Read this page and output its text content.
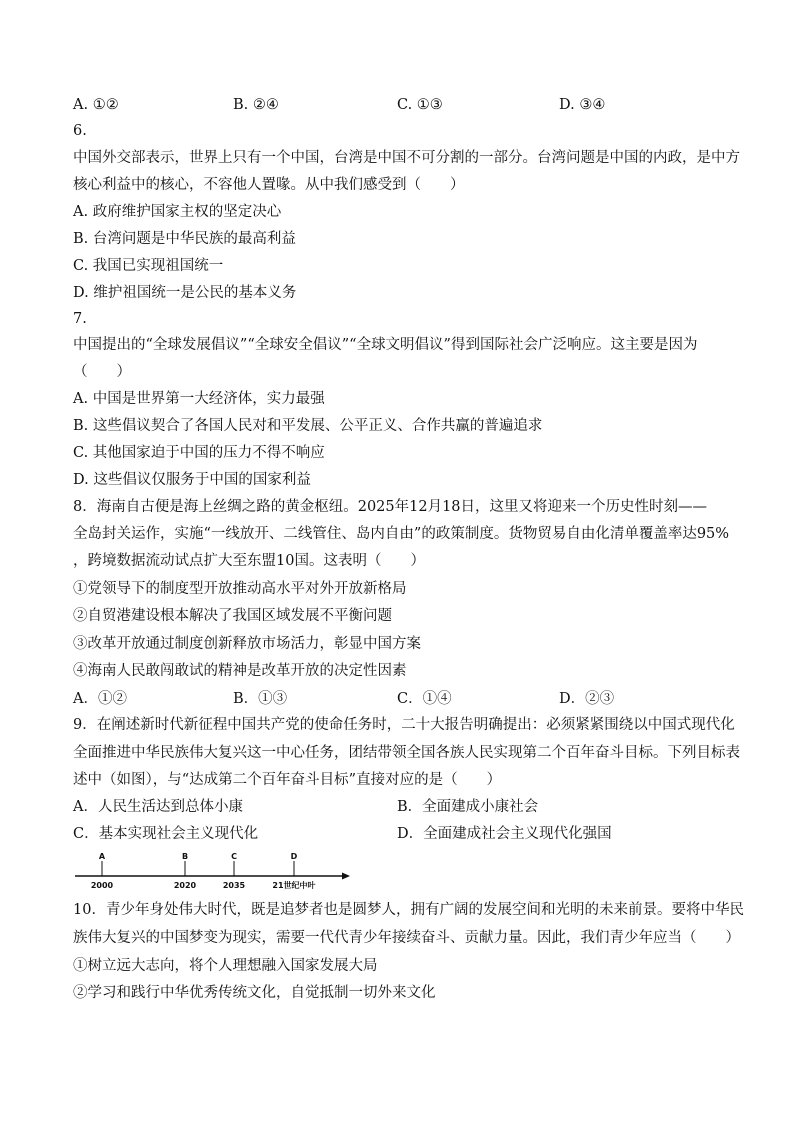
A. ①②	B. ②④	C. ①③	D. ③④
6.
中国外交部表示，世界上只有一个中国，台湾是中国不可分割的一部分。台湾问题是中国的内政，是中方
核心利益中的核心，不容他人置喙。从中我们感受到（　　）
A. 政府维护国家主权的坚定决心
B. 台湾问题是中华民族的最高利益
C. 我国已实现祖国统一
D. 维护祖国统一是公民的基本义务
7.
中国提出的“全球发展倡议”“全球安全倡议”“全球文明倡议”得到国际社会广泛响应。这主要是因为
（　　）
A. 中国是世界第一大经济体，实力最强
B. 这些倡议契合了各国人民对和平发展、公平正义、合作共赢的普遍追求
C. 其他国家迫于中国的压力不得不响应
D. 这些倡议仅服务于中国的国家利益
8．海南自古便是海上丝绸之路的黄金枢纽。2025年12月18日，这里又将迎来一个历史性时刻——
全岛封关运作，实施“一线放开、二线管住、岛内自由”的政策制度。货物贸易自由化清单覆盖率达95%
，跨境数据流动试点扩大至东盟10国。这表明（　　）
①党领导下的制度型开放推动高水平对外开放新格局
②自贸港建设根本解决了我国区域发展不平衡问题
③改革开放通过制度创新释放市场活力，彰显中国方案
④海南人民敢闯敢试的精神是改革开放的决定性因素
A．①②	B．①③	C．①④	D．②③
9．在阐述新时代新征程中国共产党的使命任务时，二十大报告明确提出：必须紧紧围绕以中国式现代化
全面推进中华民族伟大复兴这一中心任务，团结带领全国各族人民实现第二个百年奋斗目标。下列目标表
述中（如图），与“达成第二个百年奋斗目标”直接对应的是（　　）
A．人民生活达到总体小康	B．全面建成小康社会
C．基本实现社会主义现代化	D．全面建成社会主义现代化强国
A	B	C	D
2000	2020	2035	21世纪中叶
10．青少年身处伟大时代，既是追梦者也是圆梦人，拥有广阔的发展空间和光明的未来前景。要将中华民
族伟大复兴的中国梦变为现实，需要一代代青少年接续奋斗、贡献力量。因此，我们青少年应当（　　）
①树立远大志向，将个人理想融入国家发展大局
②学习和践行中华优秀传统文化，自觉抵制一切外来文化
